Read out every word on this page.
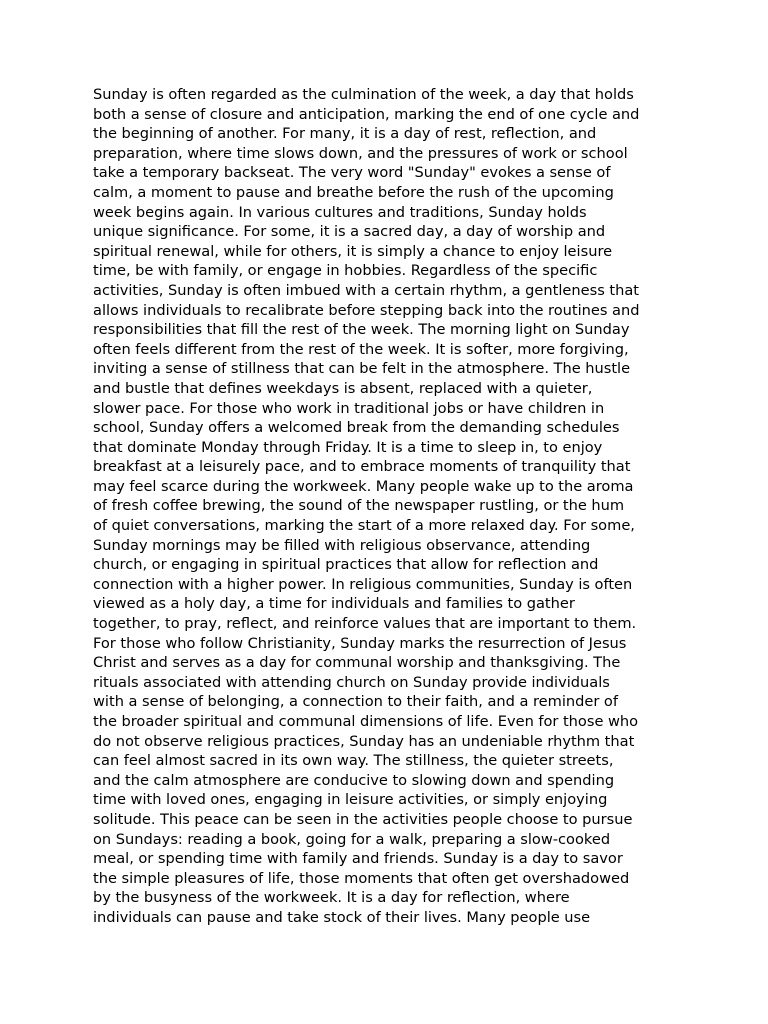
Sunday is often regarded as the culmination of the week, a day that holds
both a sense of closure and anticipation, marking the end of one cycle and
the beginning of another. For many, it is a day of rest, reflection, and
preparation, where time slows down, and the pressures of work or school
take a temporary backseat. The very word "Sunday" evokes a sense of
calm, a moment to pause and breathe before the rush of the upcoming
week begins again. In various cultures and traditions, Sunday holds
unique significance. For some, it is a sacred day, a day of worship and
spiritual renewal, while for others, it is simply a chance to enjoy leisure
time, be with family, or engage in hobbies. Regardless of the specific
activities, Sunday is often imbued with a certain rhythm, a gentleness that
allows individuals to recalibrate before stepping back into the routines and
responsibilities that fill the rest of the week. The morning light on Sunday
often feels different from the rest of the week. It is softer, more forgiving,
inviting a sense of stillness that can be felt in the atmosphere. The hustle
and bustle that defines weekdays is absent, replaced with a quieter,
slower pace. For those who work in traditional jobs or have children in
school, Sunday offers a welcomed break from the demanding schedules
that dominate Monday through Friday. It is a time to sleep in, to enjoy
breakfast at a leisurely pace, and to embrace moments of tranquility that
may feel scarce during the workweek. Many people wake up to the aroma
of fresh coffee brewing, the sound of the newspaper rustling, or the hum
of quiet conversations, marking the start of a more relaxed day. For some,
Sunday mornings may be filled with religious observance, attending
church, or engaging in spiritual practices that allow for reflection and
connection with a higher power. In religious communities, Sunday is often
viewed as a holy day, a time for individuals and families to gather
together, to pray, reflect, and reinforce values that are important to them.
For those who follow Christianity, Sunday marks the resurrection of Jesus
Christ and serves as a day for communal worship and thanksgiving. The
rituals associated with attending church on Sunday provide individuals
with a sense of belonging, a connection to their faith, and a reminder of
the broader spiritual and communal dimensions of life. Even for those who
do not observe religious practices, Sunday has an undeniable rhythm that
can feel almost sacred in its own way. The stillness, the quieter streets,
and the calm atmosphere are conducive to slowing down and spending
time with loved ones, engaging in leisure activities, or simply enjoying
solitude. This peace can be seen in the activities people choose to pursue
on Sundays: reading a book, going for a walk, preparing a slow-cooked
meal, or spending time with family and friends. Sunday is a day to savor
the simple pleasures of life, those moments that often get overshadowed
by the busyness of the workweek. It is a day for reflection, where
individuals can pause and take stock of their lives. Many people use
